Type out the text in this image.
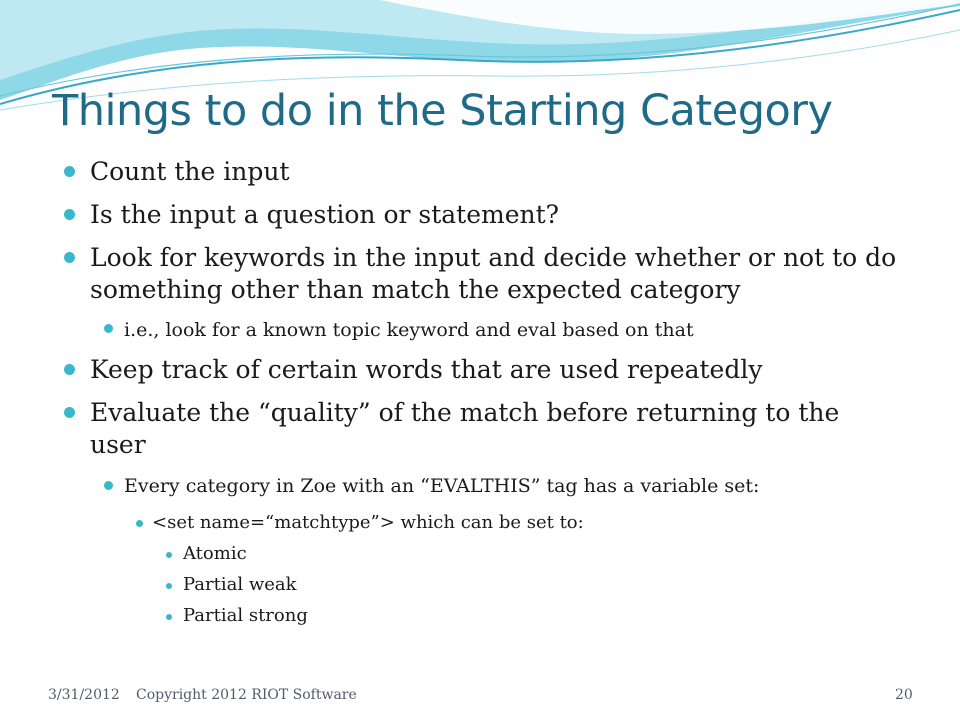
Things to do in the Starting Category
Count the input
Is the input a question or statement?
Look for keywords in the input and decide whether or not to do something other than match the expected category
i.e., look for a known topic keyword and eval based on that
Keep track of certain words that are used repeatedly
Evaluate the “quality” of the match before returning to the user
Every category in Zoe with an “EVALTHIS” tag has a variable set:
<set name=“matchtype”> which can be set to:
Atomic
Partial weak
Partial strong
3/31/2012 Copyright 2012 RIOT Software	20
